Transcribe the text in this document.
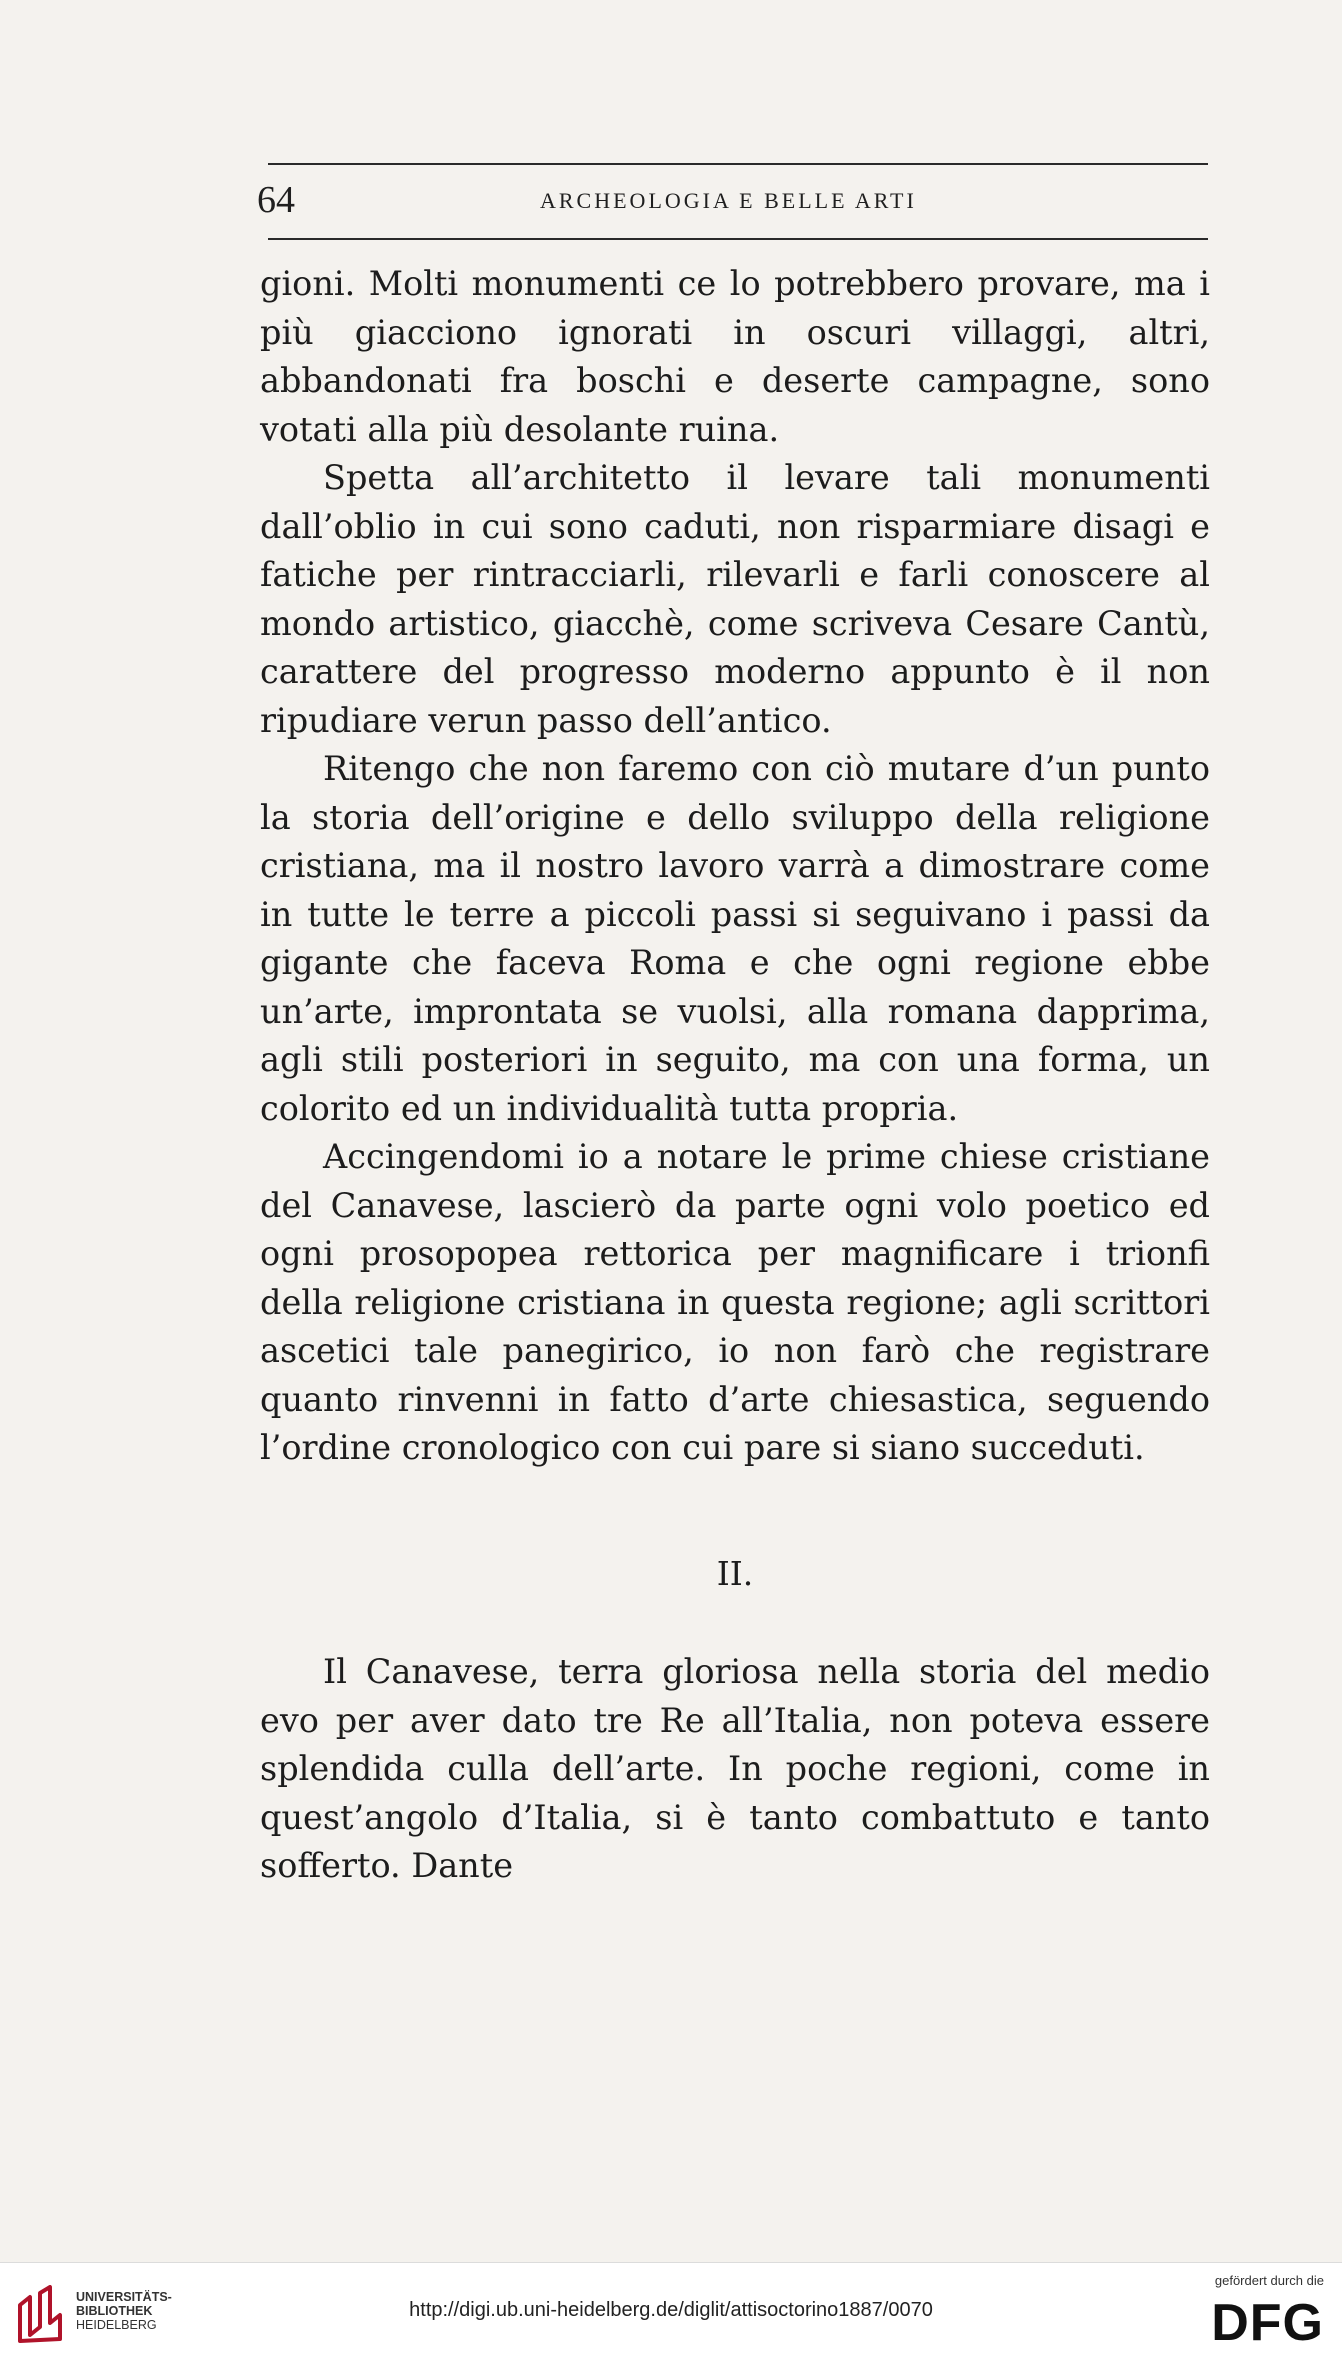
64	ARCHEOLOGIA E BELLE ARTI

gioni. Molti monumenti ce lo potrebbero provare, ma i più giacciono ignorati in oscuri villaggi, altri, abbandonati fra boschi e deserte campagne, sono votati alla più desolante ruina.

Spetta all’architetto il levare tali monumenti dall’oblio in cui sono caduti, non risparmiare disagi e fatiche per rintracciarli, rilevarli e farli conoscere al mondo artistico, giacchè, come scriveva Cesare Cantù, carattere del progresso moderno appunto è il non ripudiare verun passo dell’antico.

Ritengo che non faremo con ciò mutare d’un punto la storia dell’origine e dello sviluppo della religione cristiana, ma il nostro lavoro varrà a dimostrare come in tutte le terre a piccoli passi si seguivano i passi da gigante che faceva Roma e che ogni regione ebbe un’arte, improntata se vuolsi, alla romana dapprima, agli stili posteriori in seguito, ma con una forma, un colorito ed un individualità tutta propria.

Accingendomi io a notare le prime chiese cristiane del Canavese, lascierò da parte ogni volo poetico ed ogni prosopopea rettorica per magnificare i trionfi della religione cristiana in questa regione; agli scrittori ascetici tale panegirico, io non farò che registrare quanto rinvenni in fatto d’arte chiesastica, seguendo l’ordine cronologico con cui pare si siano succeduti.

II.

Il Canavese, terra gloriosa nella storia del medio evo per aver dato tre Re all’Italia, non poteva essere splendida culla dell’arte. In poche regioni, come in quest’angolo d’Italia, si è tanto combattuto e tanto sofferto. Dante

UNIVERSITÄTS-
BIBLIOTHEK
HEIDELBERG
http://digi.ub.uni-heidelberg.de/diglit/attisoctorino1887/0070
gefördert durch die
DFG
